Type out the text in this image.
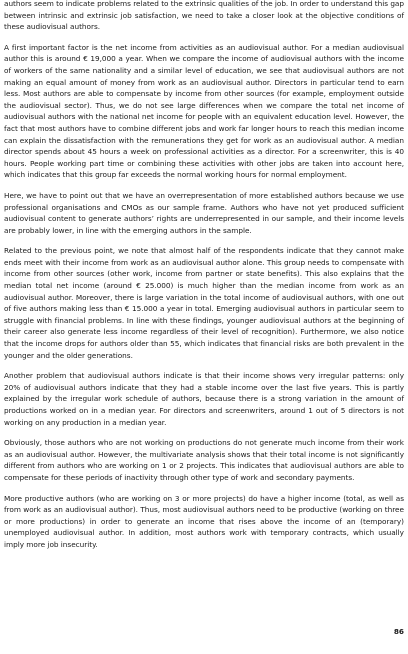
authors seem to indicate problems related to the extrinsic qualities of the job. In order to understand this gap between intrinsic and extrinsic job satisfaction, we need to take a closer look at the objective conditions of these audiovisual authors.

A first important factor is the net income from activities as an audiovisual author. For a median audiovisual author this is around € 19,000 a year. When we compare the income of audiovisual authors with the income of workers of the same nationality and a similar level of education, we see that audiovisual authors are not making an equal amount of money from work as an audiovisual author. Directors in particular tend to earn less. Most authors are able to compensate by income from other sources (for example, employment outside the audiovisual sector). Thus, we do not see large differences when we compare the total net income of audiovisual authors with the national net income for people with an equivalent education level. However, the fact that most authors have to combine different jobs and work far longer hours to reach this median income can explain the dissatisfaction with the remunerations they get for work as an audiovisual author. A median director spends about 45 hours a week on professional activities as a director. For a screenwriter, this is 40 hours. People working part time or combining these activities with other jobs are taken into account here, which indicates that this group far exceeds the normal working hours for normal employment.

Here, we have to point out that we have an overrepresentation of more established authors because we use professional organisations and CMOs as our sample frame. Authors who have not yet produced sufficient audiovisual content to generate authors’ rights are underrepresented in our sample, and their income levels are probably lower, in line with the emerging authors in the sample.

Related to the previous point, we note that almost half of the respondents indicate that they cannot make ends meet with their income from work as an audiovisual author alone. This group needs to compensate with income from other sources (other work, income from partner or state benefits). This also explains that the median total net income (around € 25.000) is much higher than the median income from work as an audiovisual author. Moreover, there is large variation in the total income of audiovisual authors, with one out of five authors making less than € 15.000 a year in total. Emerging audiovisual authors in particular seem to struggle with financial problems. In line with these findings, younger audiovisual authors at the beginning of their career also generate less income regardless of their level of recognition). Furthermore, we also notice that the income drops for authors older than 55, which indicates that financial risks are both prevalent in the younger and the older generations.

Another problem that audiovisual authors indicate is that their income shows very irregular patterns: only 20% of audiovisual authors indicate that they had a stable income over the last five years. This is partly explained by the irregular work schedule of authors, because there is a strong variation in the amount of productions worked on in a median year. For directors and screenwriters, around 1 out of 5 directors is not working on any production in a median year.

Obviously, those authors who are not working on productions do not generate much income from their work as an audiovisual author. However, the multivariate analysis shows that their total income is not significantly different from authors who are working on 1 or 2 projects. This indicates that audiovisual authors are able to compensate for these periods of inactivity through other type of work and secondary payments.

More productive authors (who are working on 3 or more projects) do have a higher income (total, as well as from work as an audiovisual author). Thus, most audiovisual authors need to be productive (working on three or more productions) in order to generate an income that rises above the income of an (temporary) unemployed audiovisual author. In addition, most authors work with temporary contracts, which usually imply more job insecurity.

86
